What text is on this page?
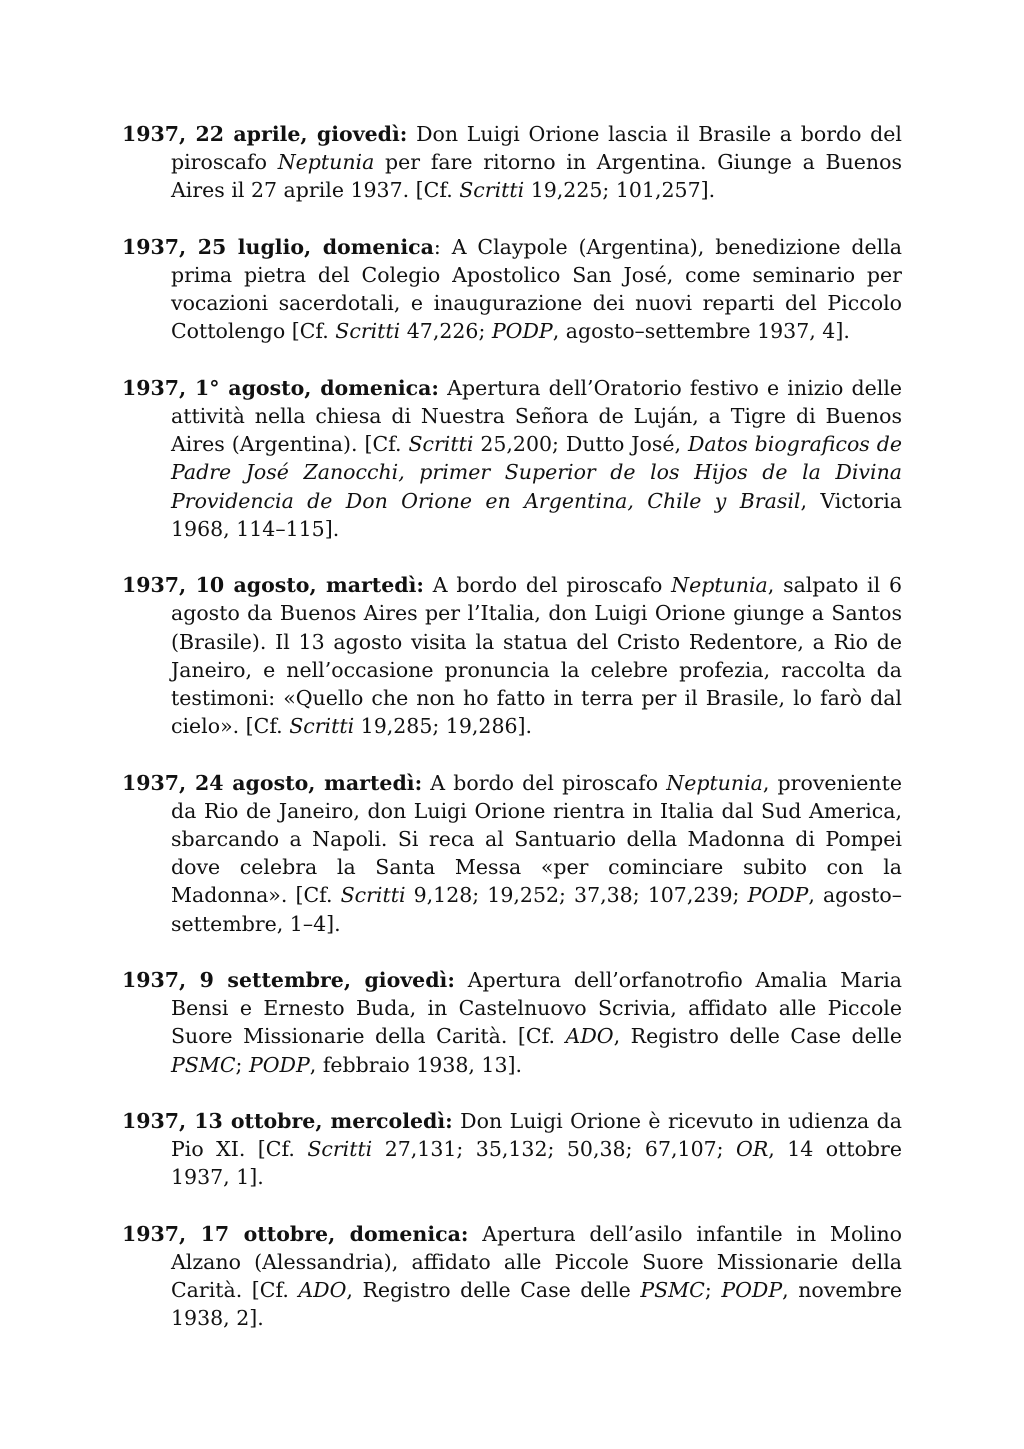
1937, 22 aprile, giovedì: Don Luigi Orione lascia il Brasile a bordo del piroscafo Neptunia per fare ritorno in Argentina. Giunge a Buenos Aires il 27 aprile 1937. [Cf. Scritti 19,225; 101,257].

1937, 25 luglio, domenica: A Claypole (Argentina), benedizione della prima pietra del Colegio Apostolico San José, come seminario per vocazioni sacerdotali, e inaugurazione dei nuovi reparti del Piccolo Cottolengo [Cf. Scritti 47,226; PODP, agosto–settembre 1937, 4].

1937, 1° agosto, domenica: Apertura dell’Oratorio festivo e inizio delle attività nella chiesa di Nuestra Señora de Luján, a Tigre di Buenos Aires (Argentina). [Cf. Scritti 25,200; Dutto José, Datos biograficos de Padre José Zanocchi, primer Superior de los Hijos de la Divina Providencia de Don Orione en Argentina, Chile y Brasil, Victoria 1968, 114–115].

1937, 10 agosto, martedì: A bordo del piroscafo Neptunia, salpato il 6 agosto da Buenos Aires per l’Italia, don Luigi Orione giunge a Santos (Brasile). Il 13 agosto visita la statua del Cristo Redentore, a Rio de Janeiro, e nell’occasione pronuncia la celebre profezia, raccolta da testimoni: «Quello che non ho fatto in terra per il Brasile, lo farò dal cielo». [Cf. Scritti 19,285; 19,286].

1937, 24 agosto, martedì: A bordo del piroscafo Neptunia, proveniente da Rio de Janeiro, don Luigi Orione rientra in Italia dal Sud America, sbarcando a Napoli. Si reca al Santuario della Madonna di Pompei dove celebra la Santa Messa «per cominciare subito con la Madonna». [Cf. Scritti 9,128; 19,252; 37,38; 107,239; PODP, agosto–settembre, 1–4].

1937, 9 settembre, giovedì: Apertura dell’orfanotrofio Amalia Maria Bensi e Ernesto Buda, in Castelnuovo Scrivia, affidato alle Piccole Suore Missionarie della Carità. [Cf. ADO, Registro delle Case delle PSMC; PODP, febbraio 1938, 13].

1937, 13 ottobre, mercoledì: Don Luigi Orione è ricevuto in udienza da Pio XI. [Cf. Scritti 27,131; 35,132; 50,38; 67,107; OR, 14 ottobre 1937, 1].

1937, 17 ottobre, domenica: Apertura dell’asilo infantile in Molino Alzano (Alessandria), affidato alle Piccole Suore Missionarie della Carità. [Cf. ADO, Registro delle Case delle PSMC; PODP, novembre 1938, 2].
